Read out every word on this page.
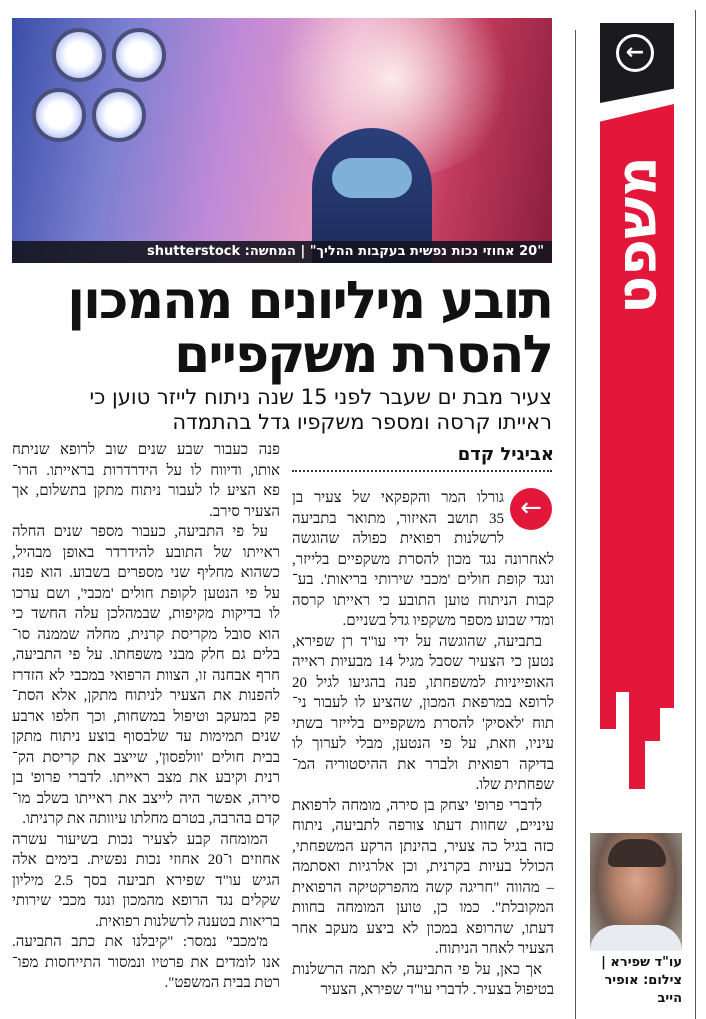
←
משפט
"20 אחוזי נכות נפשית בעקבות ההליך" | המחשה: shutterstock
תובע מיליונים מהמכון
להסרת משקפיים
צעיר מבת ים שעבר לפני 15 שנה ניתוח לייזר טוען כי
ראייתו קרסה ומספר משקפיו גדל בהתמדה
אביגיל קדם
←
גורלו המר והקפקאי של צעיר בן
35 תושב האיזור, מתואר בתביעה
לרשלנות רפואית כפולה שהוגשה
לאחרונה נגד מכון להסרת משקפיים בלייזר,
ונגד קופת חולים 'מכבי שירותי בריאות'. בע־
קבות הניתוח טוען התובע כי ראייתו קרסה
ומדי שבוע מספר משקפיו גדל בשניים.
בתביעה, שהוגשה על ידי עו"ד רן שפירא,
נטען כי הצעיר שסבל מגיל 14 מבעיות ראייה
האופייניות למשפחתו, פנה בהגיעו לגיל 20
לרופא במרפאת המכון, שהציע לו לעבור ני־
תוח 'לאסיק' להסרת משקפיים בלייזר בשתי
עיניו, וזאת, על פי הנטען, מבלי לערוך לו
בדיקה רפואית ולברר את ההיסטוריה המ־
שפחתית שלו.
לדברי פרופ' יצחק בן סירה, מומחה לרפואת
עיניים, שחוות דעתו צורפה לתביעה, ניתוח
כזה בגיל כה צעיר, בהינתן הרקע המשפחתי,
הכולל בעיות בקרנית, וכן אלרגיות ואסתמה
– מהווה "חריגה קשה מהפרקטיקה הרפואית
המקובלת". כמו כן, טוען המומחה בחוות
דעתו, שהרופא במכון לא ביצע מעקב אחר
הצעיר לאחר הניתוח.
אך כאן, על פי התביעה, לא תמה הרשלנות
בטיפול בצעיר. לדברי עו"ד שפירא, הצעיר
פנה כעבור שבע שנים שוב לרופא שניתח
אותו, ודיווח לו על הידרדרות בראייתו. הרו־
פא הציע לו לעבור ניתוח מתקן בתשלום, אך
הצעיר סירב.
על פי התביעה, כעבור מספר שנים החלה
ראייתו של התובע להידרדר באופן מבהיל,
כשהוא מחליף שני מספרים בשבוע. הוא פנה
על פי הנטען לקופת חולים 'מכבי', ושם ערכו
לו בדיקות מקיפות, שבמהלכן עלה החשד כי
הוא סובל מקריסת קרנית, מחלה שממנה סו־
בלים גם חלק מבני משפחתו. על פי התביעה,
חרף אבחנה זו, הצוות הרפואי במכבי לא הזדרז
להפנות את הצעיר לניתוח מתקן, אלא הסת־
פק במעקב וטיפול במשחות, וכך חלפו ארבע
שנים תמימות עד שלבסוף בוצע ניתוח מתקן
בבית חולים 'וולפסון', שייצב את קריסת הק־
רנית וקיבע את מצב ראייתו. לדברי פרופ' בן
סירה, אפשר היה לייצב את ראייתו בשלב מו־
קדם בהרבה, בטרם מחלתו עיוותה את קרניתו.
המומחה קבע לצעיר נכות בשיעור עשרה
אחוזים ו־20 אחוזי נכות נפשית. בימים אלה
הגיש עו"ד שפירא תביעה בסך 2.5 מיליון
שקלים נגד הרופא מהמכון ונגד מכבי שירותי
בריאות בטענה לרשלנות רפואית.
מ'מכבי' נמסר: "קיבלנו את כתב התביעה.
אנו לומדים את פרטיו ונמסור התייחסות מפו־
רטת בבית המשפט".
עו"ד שפירא |
צילום: אופיר
הייב
